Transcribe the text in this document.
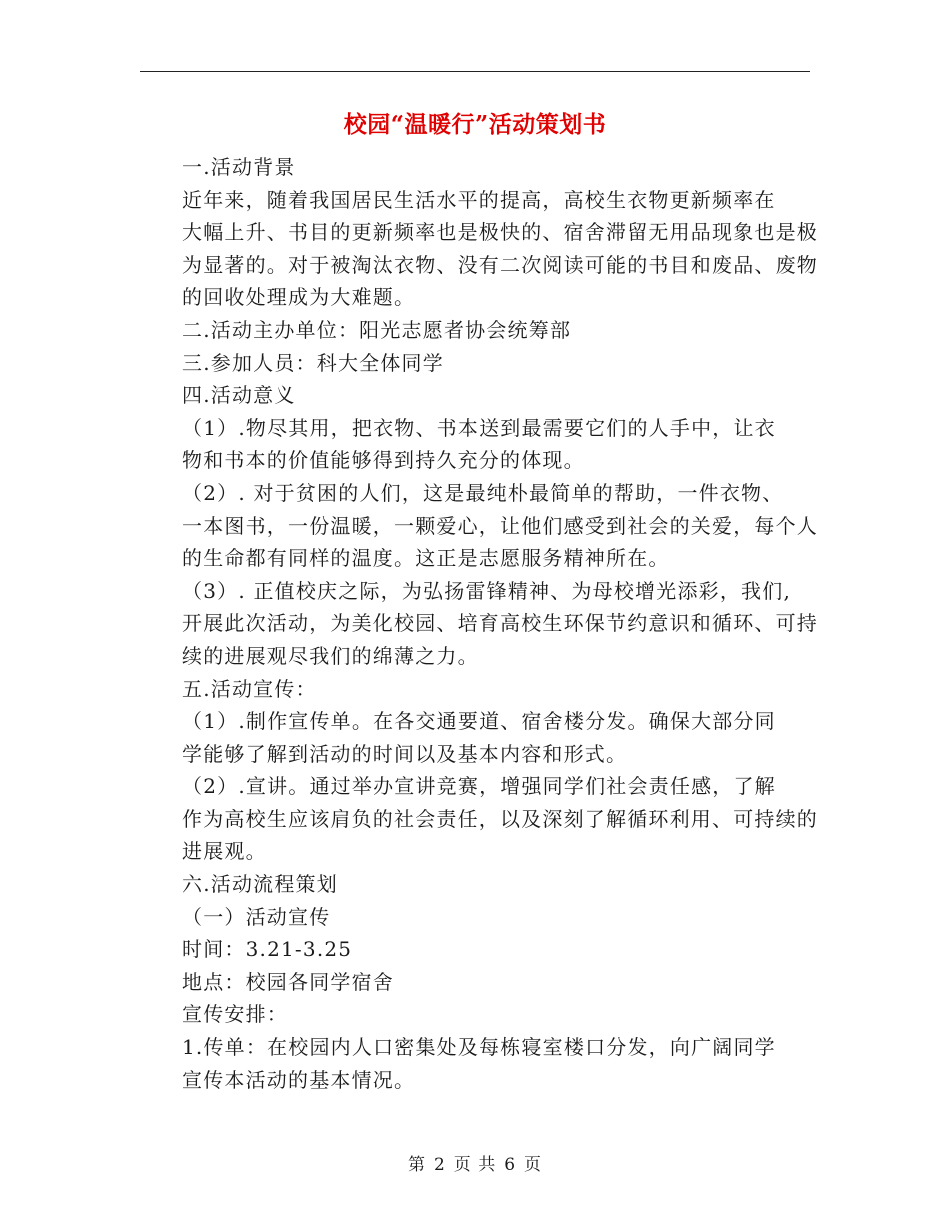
校园“温暖行”活动策划书
一.活动背景
近年来，随着我国居民生活水平的提高，高校生衣物更新频率在
大幅上升、书目的更新频率也是极快的、宿舍滞留无用品现象也是极
为显著的。对于被淘汰衣物、没有二次阅读可能的书目和废品、废物
的回收处理成为大难题。
二.活动主办单位：阳光志愿者协会统筹部
三.参加人员：科大全体同学
四.活动意义
（1）.物尽其用，把衣物、书本送到最需要它们的人手中，让衣
物和书本的价值能够得到持久充分的体现。
（2）. 对于贫困的人们，这是最纯朴最简单的帮助，一件衣物、
一本图书，一份温暖，一颗爱心，让他们感受到社会的关爱，每个人
的生命都有同样的温度。这正是志愿服务精神所在。
（3）. 正值校庆之际，为弘扬雷锋精神、为母校增光添彩，我们,
开展此次活动，为美化校园、培育高校生环保节约意识和循环、可持
续的进展观尽我们的绵薄之力。
五.活动宣传：
（1）.制作宣传单。在各交通要道、宿舍楼分发。确保大部分同
学能够了解到活动的时间以及基本内容和形式。
（2）.宣讲。通过举办宣讲竞赛，增强同学们社会责任感，了解
作为高校生应该肩负的社会责任，以及深刻了解循环利用、可持续的
进展观。
六.活动流程策划
（一）活动宣传
时间：3.21-3.25
地点：校园各同学宿舍
宣传安排：
1.传单：在校园内人口密集处及每栋寝室楼口分发，向广阔同学
宣传本活动的基本情况。
第 2 页 共 6 页
